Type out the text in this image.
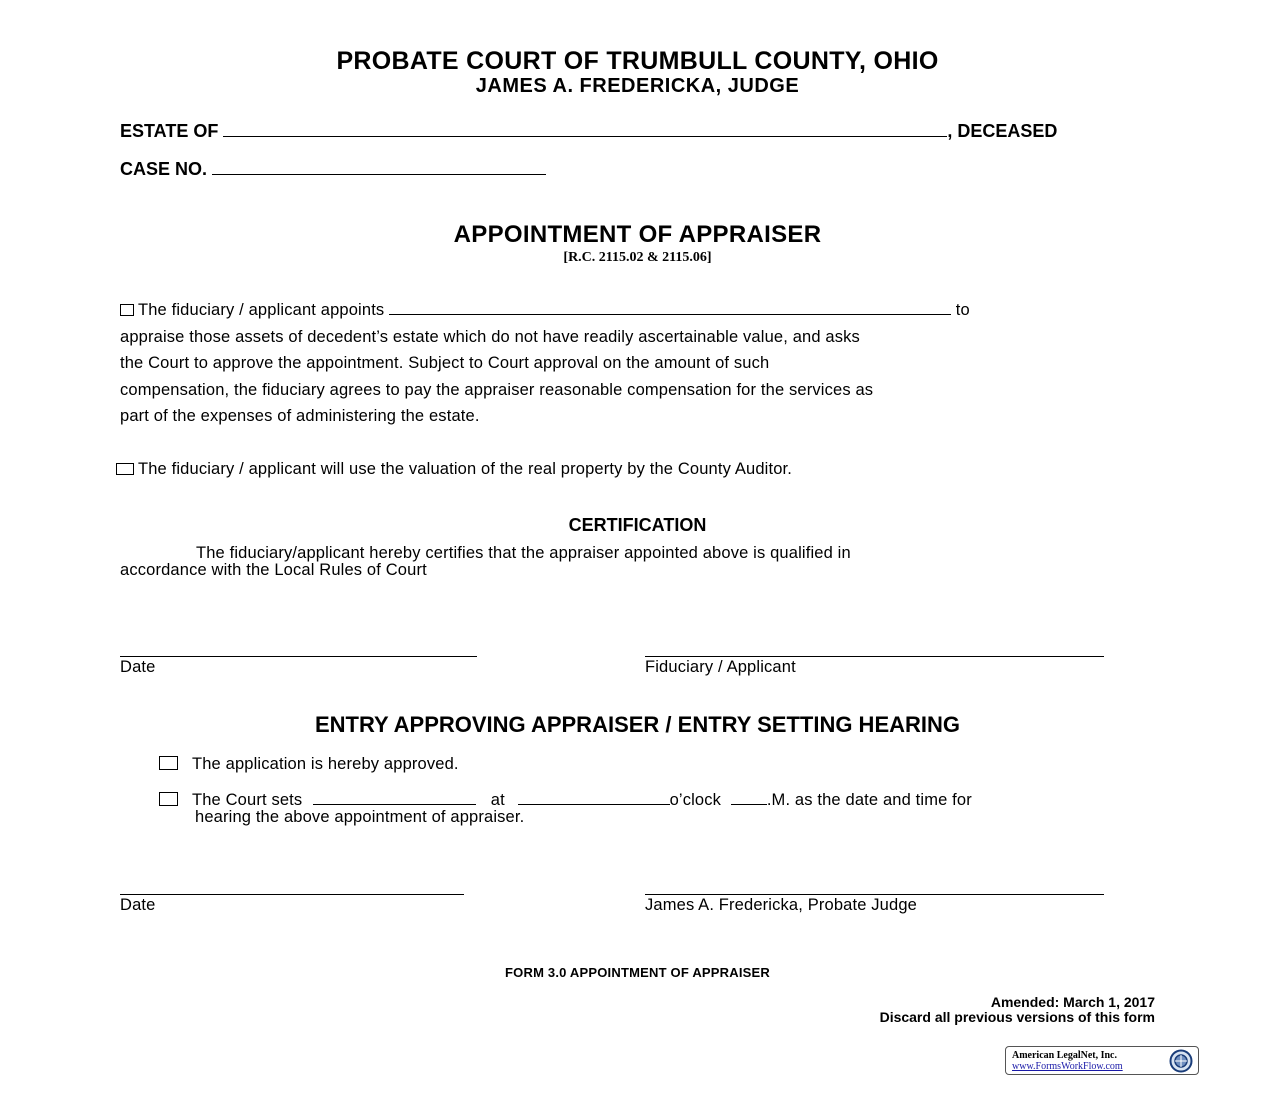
PROBATE COURT OF TRUMBULL COUNTY, OHIO
JAMES A. FREDERICKA, JUDGE
ESTATE OF	, DECEASED
CASE NO.
APPOINTMENT OF APPRAISER
[R.C. 2115.02 & 2115.06]
The fiduciary / applicant appoints	to
appraise those assets of decedent’s estate which do not have readily ascertainable value, and asks
the Court to approve the appointment. Subject to Court approval on the amount of such
compensation, the fiduciary agrees to pay the appraiser reasonable compensation for the services as
part of the expenses of administering the estate.
The fiduciary / applicant will use the valuation of the real property by the County Auditor.
CERTIFICATION
The fiduciary/applicant hereby certifies that the appraiser appointed above is qualified in
accordance with the Local Rules of Court
Date	Fiduciary / Applicant
ENTRY APPROVING APPRAISER / ENTRY SETTING HEARING
The application is hereby approved.
The Court sets	at	o’clock	.M. as the date and time for
hearing the above appointment of appraiser.
Date	James A. Fredericka, Probate Judge
FORM 3.0 APPOINTMENT OF APPRAISER
Amended: March 1, 2017
Discard all previous versions of this form
American LegalNet, Inc.
www.FormsWorkFlow.com
